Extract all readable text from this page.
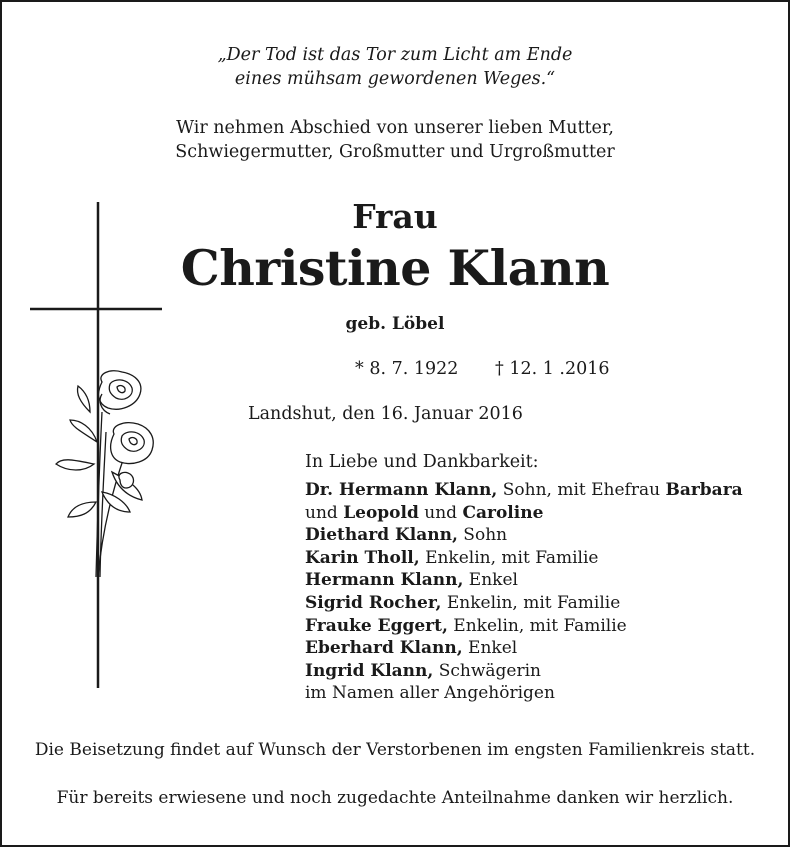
„Der Tod ist das Tor zum Licht am Ende
eines mühsam gewordenen Weges.“
Wir nehmen Abschied von unserer lieben Mutter,
Schwiegermutter, Großmutter und Urgroßmutter
Frau
Christine Klann
geb. Löbel
* 8. 7. 1922 † 12. 1 .2016
Landshut, den 16. Januar 2016
In Liebe und Dankbarkeit:
Dr. Hermann Klann, Sohn, mit Ehefrau Barbara
und Leopold und Caroline
Diethard Klann, Sohn
Karin Tholl, Enkelin, mit Familie
Hermann Klann, Enkel
Sigrid Rocher, Enkelin, mit Familie
Frauke Eggert, Enkelin, mit Familie
Eberhard Klann, Enkel
Ingrid Klann, Schwägerin
im Namen aller Angehörigen
Die Beisetzung findet auf Wunsch der Verstorbenen im engsten Familienkreis statt.
Für bereits erwiesene und noch zugedachte Anteilnahme danken wir herzlich.
